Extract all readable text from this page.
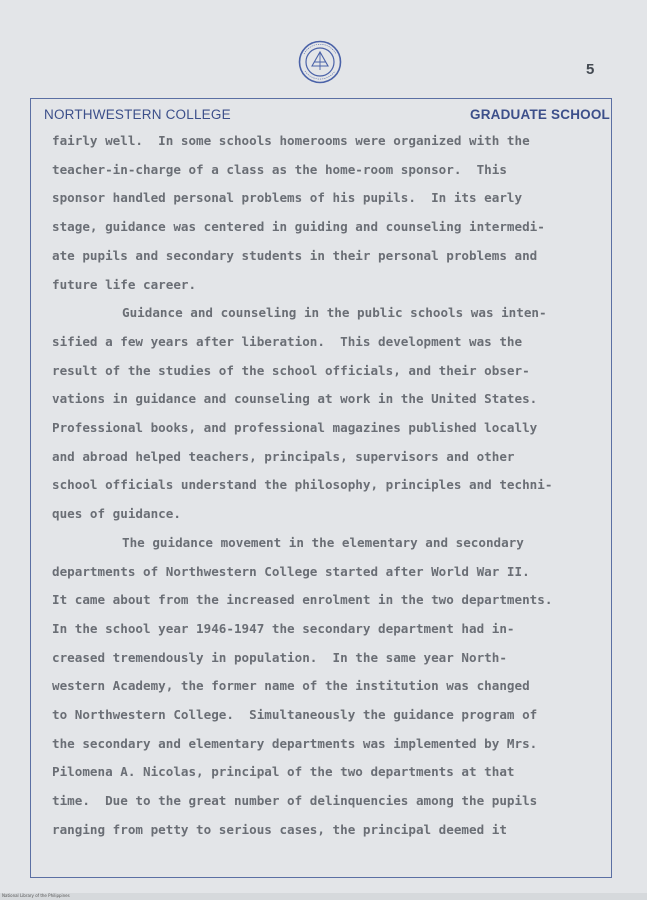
5
NORTHWESTERN COLLEGE	GRADUATE SCHOOL
fairly well.  In some schools homerooms were organized with the
teacher-in-charge of a class as the home-room sponsor.  This
sponsor handled personal problems of his pupils.  In its early
stage, guidance was centered in guiding and counseling intermedi-
ate pupils and secondary students in their personal problems and
future life career.
Guidance and counseling in the public schools was inten-
sified a few years after liberation.  This development was the
result of the studies of the school officials, and their obser-
vations in guidance and counseling at work in the United States.
Professional books, and professional magazines published locally
and abroad helped teachers, principals, supervisors and other
school officials understand the philosophy, principles and techni-
ques of guidance.
The guidance movement in the elementary and secondary
departments of Northwestern College started after World War II.
It came about from the increased enrolment in the two departments.
In the school year 1946-1947 the secondary department had in-
creased tremendously in population.  In the same year North-
western Academy, the former name of the institution was changed
to Northwestern College.  Simultaneously the guidance program of
the secondary and elementary departments was implemented by Mrs.
Pilomena A. Nicolas, principal of the two departments at that
time.  Due to the great number of delinquencies among the pupils
ranging from petty to serious cases, the principal deemed it
National Library of the Philippines
